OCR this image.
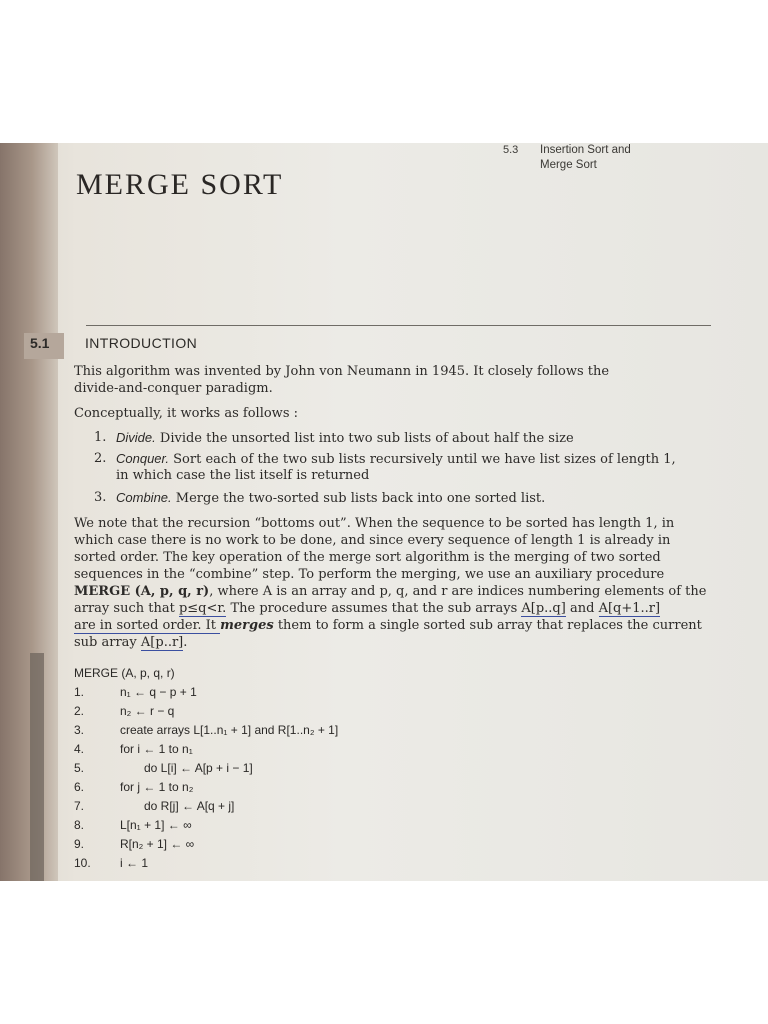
5.3 Insertion Sort and
Merge Sort
MERGE SORT
5.1	INTRODUCTION
This algorithm was invented by John von Neumann in 1945. It closely follows the
divide-and-conquer paradigm.
Conceptually, it works as follows :
1. Divide. Divide the unsorted list into two sub lists of about half the size
2. Conquer. Sort each of the two sub lists recursively until we have list sizes of length 1,
in which case the list itself is returned
3. Combine. Merge the two-sorted sub lists back into one sorted list.
We note that the recursion “bottoms out”. When the sequence to be sorted has length 1, in
which case there is no work to be done, and since every sequence of length 1 is already in
sorted order. The key operation of the merge sort algorithm is the merging of two sorted
sequences in the “combine” step. To perform the merging, we use an auxiliary procedure
MERGE (A, p, q, r), where A is an array and p, q, and r are indices numbering elements of the
array such that p≤q<r. The procedure assumes that the sub arrays A[p..q] and A[q+1..r]
are in sorted order. It merges them to form a single sorted sub array that replaces the current
sub array A[p..r].
MERGE (A, p, q, r)
1.	n₁ ← q − p + 1
2.	n₂ ← r − q
3.	create arrays L[1..n₁ + 1] and R[1..n₂ + 1]
4.	for i ← 1 to n₁
5.	do L[i] ← A[p + i − 1]
6.	for j ← 1 to n₂
7.	do R[j] ← A[q + j]
8.	L[n₁ + 1] ← ∞
9.	R[n₂ + 1] ← ∞
10.	i ← 1
